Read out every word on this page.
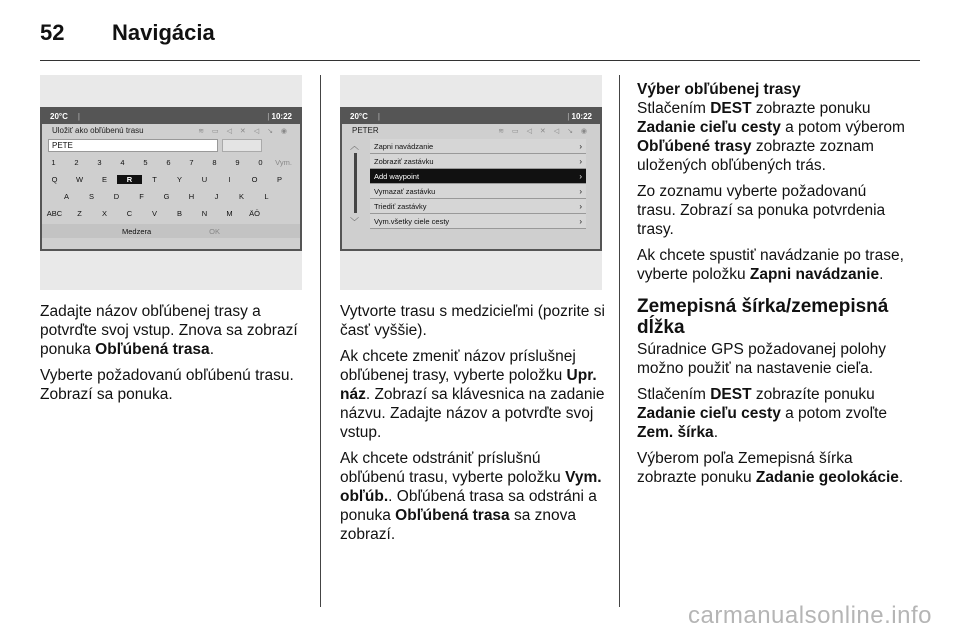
52 Navigácia
20°C |	| 10:22
Uložiť ako obľúbenú trasu	≋ ▭ ◁ ✕ ◁ ↘ ◉
PETE
1	2	3	4	5	6	7	8	9	0	Vym.
Q	W	E	R	T	Y	U	I	O	P
A	S	D	F	G	H	J	K	L
ABC	Z	X	C	V	B	N	M	ÄÖ
Medzera	OK
20°C |	| 10:22
PETER	≋ ▭ ◁ ✕ ◁ ↘ ◉
︿
﹀
Zapni navádzanie	›
Zobraziť zastávku	›
Add waypoint	›
Vymazať zastávku	›
Triediť zastávky	›
Vym.všetky ciele cesty	›

Zadajte názov obľúbenej trasy a potvrďte svoj vstup. Znova sa zobrazí ponuka Obľúbená trasa.

Vyberte požadovanú obľúbenú trasu. Zobrazí sa ponuka.

Vytvorte trasu s medzicieľmi (pozrite si časť vyššie).

Ak chcete zmeniť názov príslušnej obľúbenej trasy, vyberte položku Upr. náz. Zobrazí sa klávesnica na zadanie názvu. Zadajte názov a potvrďte svoj vstup.

Ak chcete odstrániť príslušnú obľúbenú trasu, vyberte položku Vym. obľúb.. Obľúbená trasa sa odstráni a ponuka Obľúbená trasa sa znova zobrazí.

Výber obľúbenej trasy

Stlačením DEST zobrazte ponuku Zadanie cieľu cesty a potom výberom Obľúbené trasy zobrazte zoznam uložených obľúbených trás.

Zo zoznamu vyberte požadovanú trasu. Zobrazí sa ponuka potvrdenia trasy.

Ak chcete spustiť navádzanie po trase, vyberte položku Zapni navádzanie.

Zemepisná šírka/zemepisná dĺžka

Súradnice GPS požadovanej polohy možno použiť na nastavenie cieľa.

Stlačením DEST zobrazíte ponuku Zadanie cieľu cesty a potom zvoľte Zem. šírka.

Výberom poľa Zemepisná šírka zobrazte ponuku Zadanie geolokácie.

carmanualsonline.info
